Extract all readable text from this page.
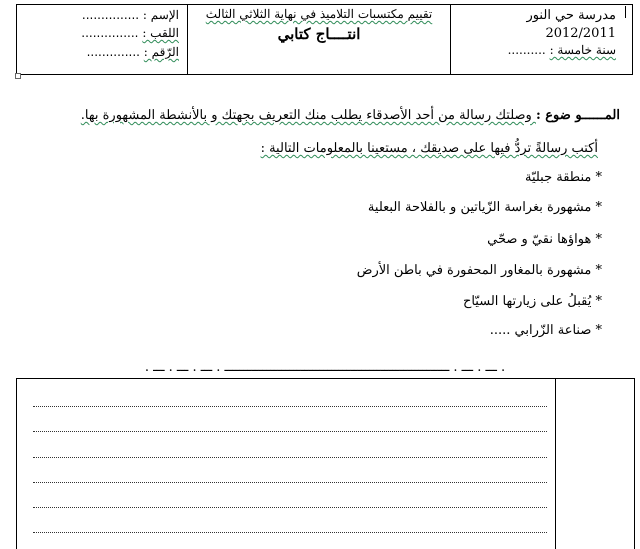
الإسم : ...............
اللقب : ...............
الرّقم : ..............

تقييم مكتسبات التلاميذ في نهاية الثلاثي الثالث
انتــــاج كتابي

مدرسة حي النور
2012/2011
سنة خامسة : ..........
المــــــو ضوع : وصلتك رسالة من أحد الأصدقاء يطلب منك التعريف بجهتك و بالأنشطة المشهورة بها.
أكتب رسالةً تردُّ فيها على صديقك ، مستعينا بالمعلومات التالية :
* منطقة جبليّة
* مشهورة بغراسة الزّياتين و بالفلاحة البعلية
* هواؤها نقيّ و صحّي
* مشهورة بالمغاور المحفورة في باطن الأرض
* يُقبلُ على زيارتها السيّاح
* صناعة الزّرابي .....
. ـــ . ـــ . ـــــــــــــــــــــــــــــــــــــــــــــــــــــــــــ . ـــ . ـــ . ـــ .
